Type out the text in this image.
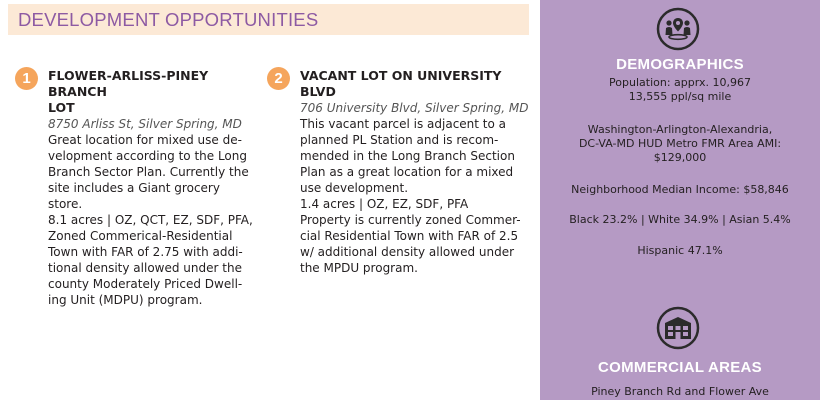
DEVELOPMENT OPPORTUNITIES
1	FLOWER-ARLISS-PINEY BRANCH

LOT

8750 Arliss St, Silver Spring, MD

Great location for mixed use de-

velopment according to the Long

Branch Sector Plan. Currently the

site includes a Giant grocery

store.

8.1 acres | OZ, QCT, EZ, SDF, PFA,

Zoned Commerical-Residential

Town with FAR of 2.75 with addi-

tional density allowed under the

county Moderately Priced Dwell-

ing Unit (MDPU) program.

2	VACANT LOT ON UNIVERSITY BLVD

706 University Blvd, Silver Spring, MD

This vacant parcel is adjacent to a

planned PL Station and is recom-

mended in the Long Branch Section

Plan as a great location for a mixed

use development.

1.4 acres | OZ, EZ, SDF, PFA

Property is currently zoned Commer-

cial Residential Town with FAR of 2.5

w/ additional density allowed under

the MPDU program.

DEMOGRAPHICS

Population: apprx. 10,967

13,555 ppl/sq mile

Washington-Arlington-Alexandria,

DC-VA-MD HUD Metro FMR Area AMI:

$129,000

Neighborhood Median Income: $58,846

Black 23.2% | White 34.9% | Asian 5.4%

Hispanic 47.1%

COMMERCIAL AREAS

Piney Branch Rd and Flower Ave
